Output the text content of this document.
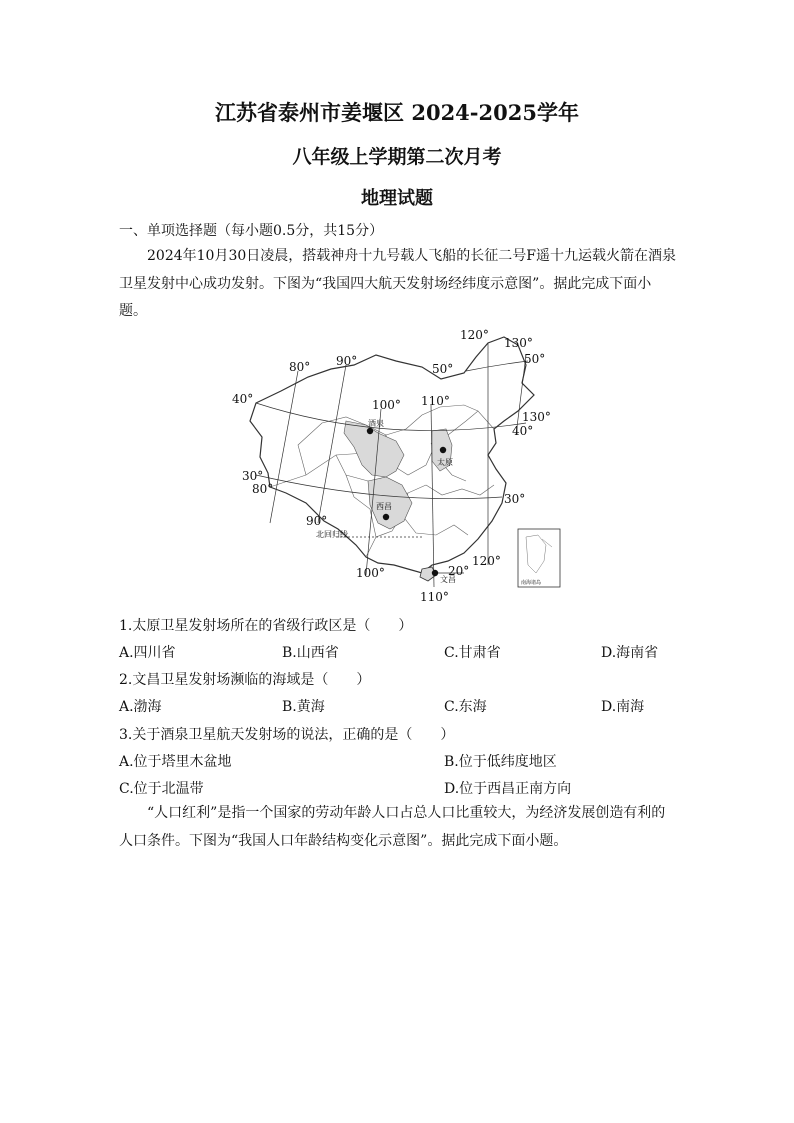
江苏省泰州市姜堰区 2024-2025学年
八年级上学期第二次月考
地理试题
一、单项选择题（每小题0.5分，共15分）
2024年10月30日凌晨，搭载神舟十九号载人飞船的长征二号F遥十九运载火箭在酒泉卫星发射中心成功发射。下图为“我国四大航天发射场经纬度示意图”。据此完成下面小题。
酒泉
太原
西昌
文昌
北回归线
80° 90°
100° 110°
120°
130°
80°
90°
100°
110°
120°
40°
50°
50°
40°
30°
30°
20°
130°
南海诸岛
1.太原卫星发射场所在的省级行政区是（　　）
A.四川省	B.山西省	C.甘肃省	D.海南省
2.文昌卫星发射场濒临的海域是（　　）
A.渤海	B.黄海	C.东海	D.南海
3.关于酒泉卫星航天发射场的说法，正确的是（　　）
A.位于塔里木盆地	B.位于低纬度地区
C.位于北温带	D.位于西昌正南方向
“人口红利”是指一个国家的劳动年龄人口占总人口比重较大，为经济发展创造有利的人口条件。下图为“我国人口年龄结构变化示意图”。据此完成下面小题。
